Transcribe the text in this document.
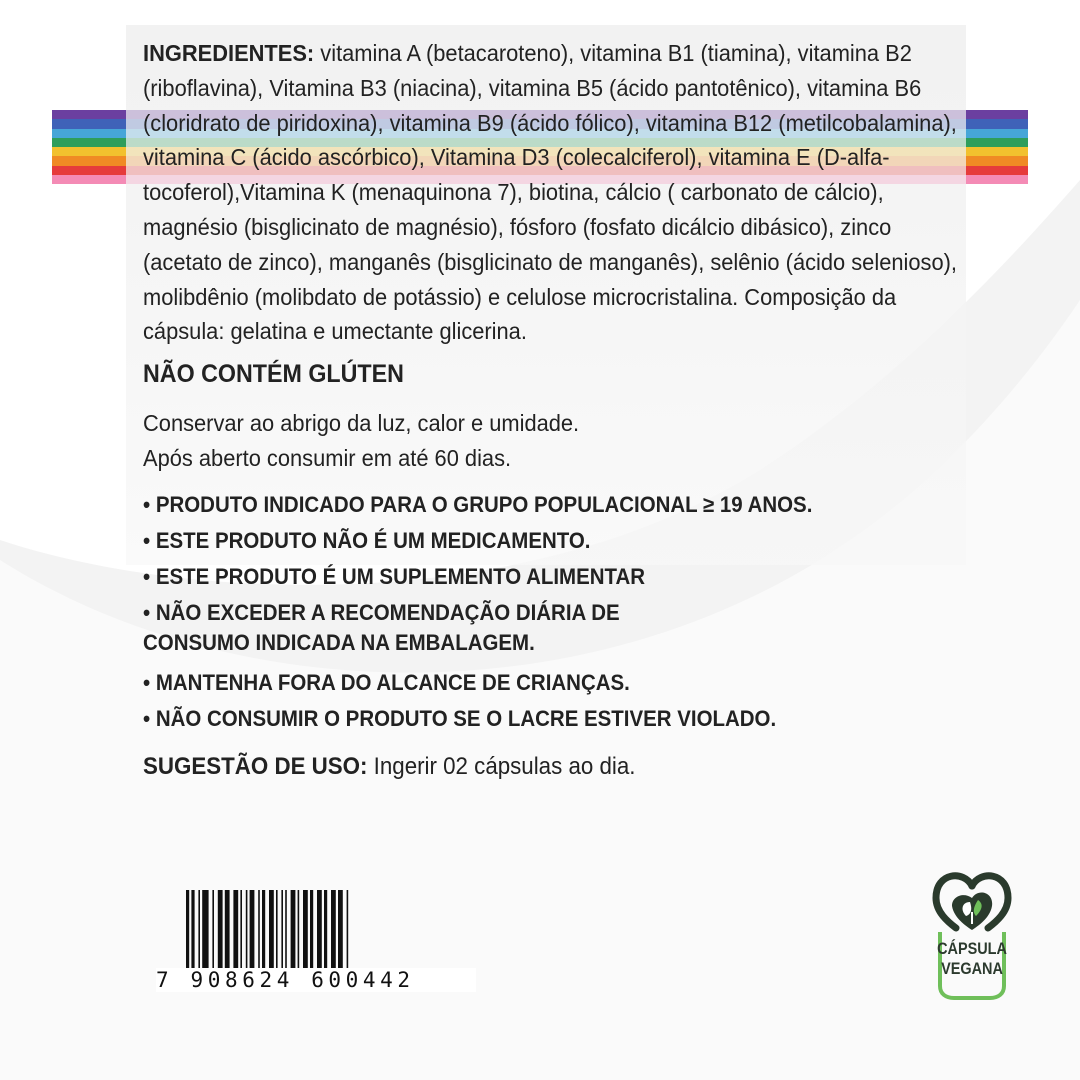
INGREDIENTES: vitamina A (betacaroteno), vitamina B1 (tiamina), vitamina B2 (riboflavina), Vitamina B3 (niacina), vitamina B5 (ácido pantotênico), vitamina B6 (cloridrato de piridoxina), vitamina B9 (ácido fólico), vitamina B12 (metilcobalamina), vitamina C (ácido ascórbico), Vitamina D3 (colecalciferol), vitamina E (D-alfa-tocoferol),Vitamina K (menaquinona 7), biotina, cálcio ( carbonato de cálcio), magnésio (bisglicinato de magnésio), fósforo (fosfato dicálcio dibásico), zinco (acetato de zinco), manganês (bisglicinato de manganês), selênio (ácido selenioso), molibdênio (molibdato de potássio) e celulose microcristalina. Composição da cápsula: gelatina e umectante glicerina.

NÃO CONTÉM GLÚTEN

Conservar ao abrigo da luz, calor e umidade.

Após aberto consumir em até 60 dias.

• PRODUTO INDICADO PARA O GRUPO POPULACIONAL ≥ 19 ANOS.

• ESTE PRODUTO NÃO É UM MEDICAMENTO.

• ESTE PRODUTO É UM SUPLEMENTO ALIMENTAR

• NÃO EXCEDER A RECOMENDAÇÃO DIÁRIA DE

CONSUMO INDICADA NA EMBALAGEM.

• MANTENHA FORA DO ALCANCE DE CRIANÇAS.

• NÃO CONSUMIR O PRODUTO SE O LACRE ESTIVER VIOLADO.

SUGESTÃO DE USO: Ingerir 02 cápsulas ao dia.

7 908624 600442
CÁPSULA
VEGANA
